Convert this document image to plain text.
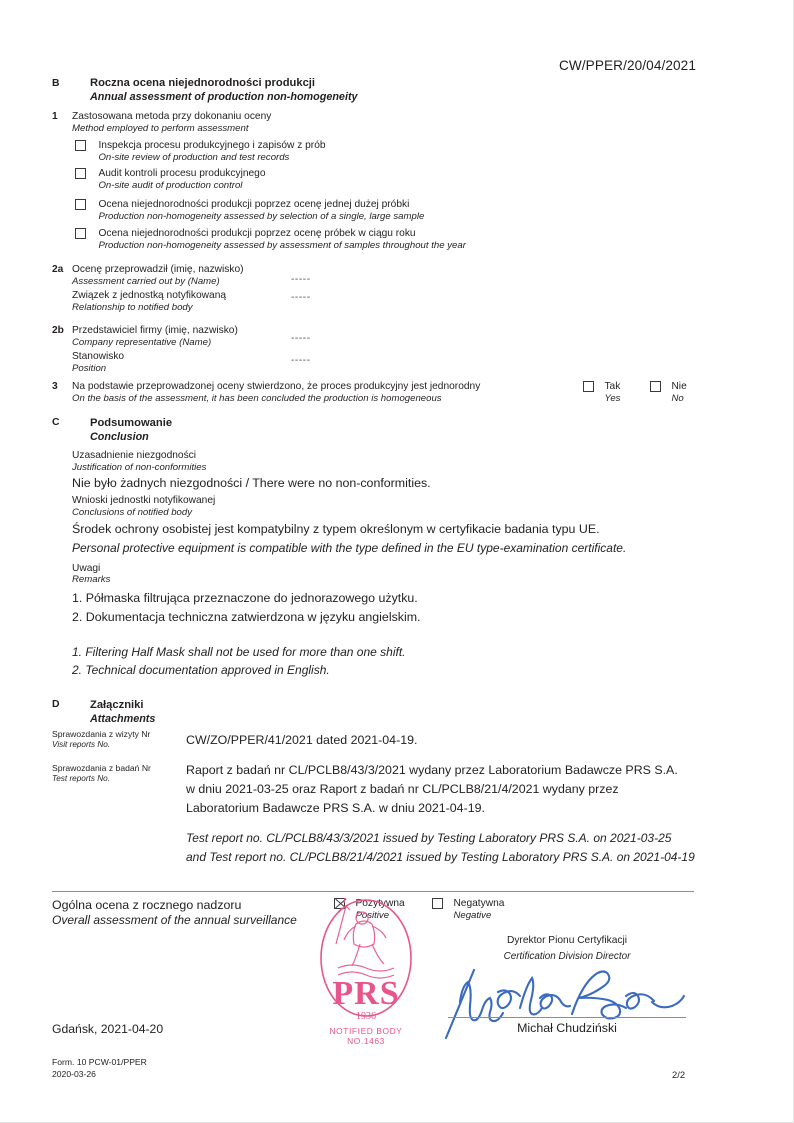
CW/PPER/20/04/2021
B	Roczna ocena niejednorodności produkcji
Annual assessment of production non-homogeneity
1 Zastosowana metoda przy dokonaniu oceny
Method employed to perform assessment

Inspekcja procesu produkcyjnego i zapisów z prób
On-site review of production and test records

Audit kontroli procesu produkcyjnego
On-site audit of production control

Ocena niejednorodności produkcji poprzez ocenę jednej dużej próbki
Production non-homogeneity assessed by selection of a single, large sample

Ocena niejednorodności produkcji poprzez ocenę próbek w ciągu roku
Production non-homogeneity assessed by assessment of samples throughout the year
2a Ocenę przeprowadził (imię, nazwisko)
Assessment carried out by (Name)	-----
Związek z jednostką notyfikowaną
Relationship to notified body
-----
2b Przedstawiciel firmy (imię, nazwisko)
Company representative (Name)	-----
Stanowisko
Position
-----
3 Na podstawie przeprowadzonej oceny stwierdzono, że proces produkcyjny jest jednorodny
On the basis of the assessment, it has been concluded the production is homogeneous

Tak
Yes

Nie
No
C	Podsumowanie
Conclusion
Uzasadnienie niezgodności
Justification of non-conformities
Nie było żadnych niezgodności / There were no non-conformities.
Wnioski jednostki notyfikowanej
Conclusions of notified body
Środek ochrony osobistej jest kompatybilny z typem określonym w certyfikacie badania typu UE.
Personal protective equipment is compatible with the type defined in the EU type-examination certificate.
Uwagi
Remarks
1. Półmaska filtrująca przeznaczone do jednorazowego użytku.
2. Dokumentacja techniczna zatwierdzona w języku angielskim.
1. Filtering Half Mask shall not be used for more than one shift.
2. Technical documentation approved in English.
D	Załączniki
Attachments
Sprawozdania z wizyty Nr
Visit reports No.	CW/ZO/PPER/41/2021 dated 2021-04-19.
Sprawozdania z badań Nr
Test reports No.
Raport z badań nr CL/PCLB8/43/3/2021 wydany przez Laboratorium Badawcze PRS S.A. w dniu 2021-03-25 oraz Raport z badań nr CL/PCLB8/21/4/2021 wydany przez Laboratorium Badawcze PRS S.A. w dniu 2021-04-19.
Test report no. CL/PCLB8/43/3/2021 issued by Testing Laboratory PRS S.A. on 2021-03-25
and Test report no. CL/PCLB8/21/4/2021 issued by Testing Laboratory PRS S.A. on 2021-04-19
Ogólna ocena z rocznego nadzoru
Overall assessment of the annual surveillance

Pozytywna
Positive

Negatywna
Negative
PRS
1936
NOTIFIED BODY
NO.1463
Dyrektor Pionu Certyfikacji
Certification Division Director
Michał Chudziński
Gdańsk, 2021-04-20
Form. 10 PCW-01/PPER
2020-03-26	2/2
